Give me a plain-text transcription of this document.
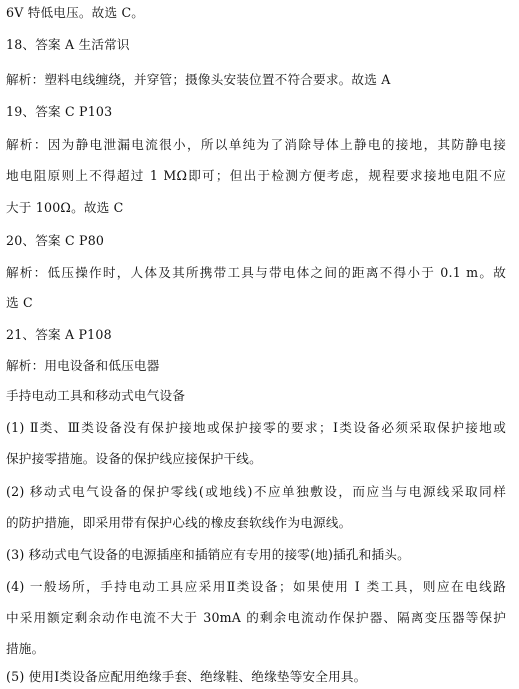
6V 特低电压。故选 C。
18、答案 A 生活常识
解析：塑料电线缠绕，并穿管；摄像头安装位置不符合要求。故选 A
19、答案 C P103
解析：因为静电泄漏电流很小，所以单纯为了消除导体上静电的接地，其防静电接
地电阻原则上不得超过 1 MΩ即可；但出于检测方便考虑，规程要求接地电阻不应
大于 100Ω。故选 C
20、答案 C P80
解析：低压操作时，人体及其所携带工具与带电体之间的距离不得小于 0.1 m。故
选 C
21、答案 A P108
解析：用电设备和低压电器
手持电动工具和移动式电气设备
(1) Ⅱ类、Ⅲ类设备没有保护接地或保护接零的要求；Ⅰ类设备必须采取保护接地或
保护接零措施。设备的保护线应接保护干线。
(2) 移动式电气设备的保护零线(或地线)不应单独敷设，而应当与电源线采取同样
的防护措施，即采用带有保护心线的橡皮套软线作为电源线。
(3) 移动式电气设备的电源插座和插销应有专用的接零(地)插孔和插头。
(4) 一般场所，手持电动工具应采用Ⅱ类设备；如果使用 Ⅰ 类工具，则应在电线路
中采用额定剩余动作电流不大于 30mA 的剩余电流动作保护器、隔离变压器等保护
措施。
(5) 使用Ⅰ类设备应配用绝缘手套、绝缘鞋、绝缘垫等安全用具。
